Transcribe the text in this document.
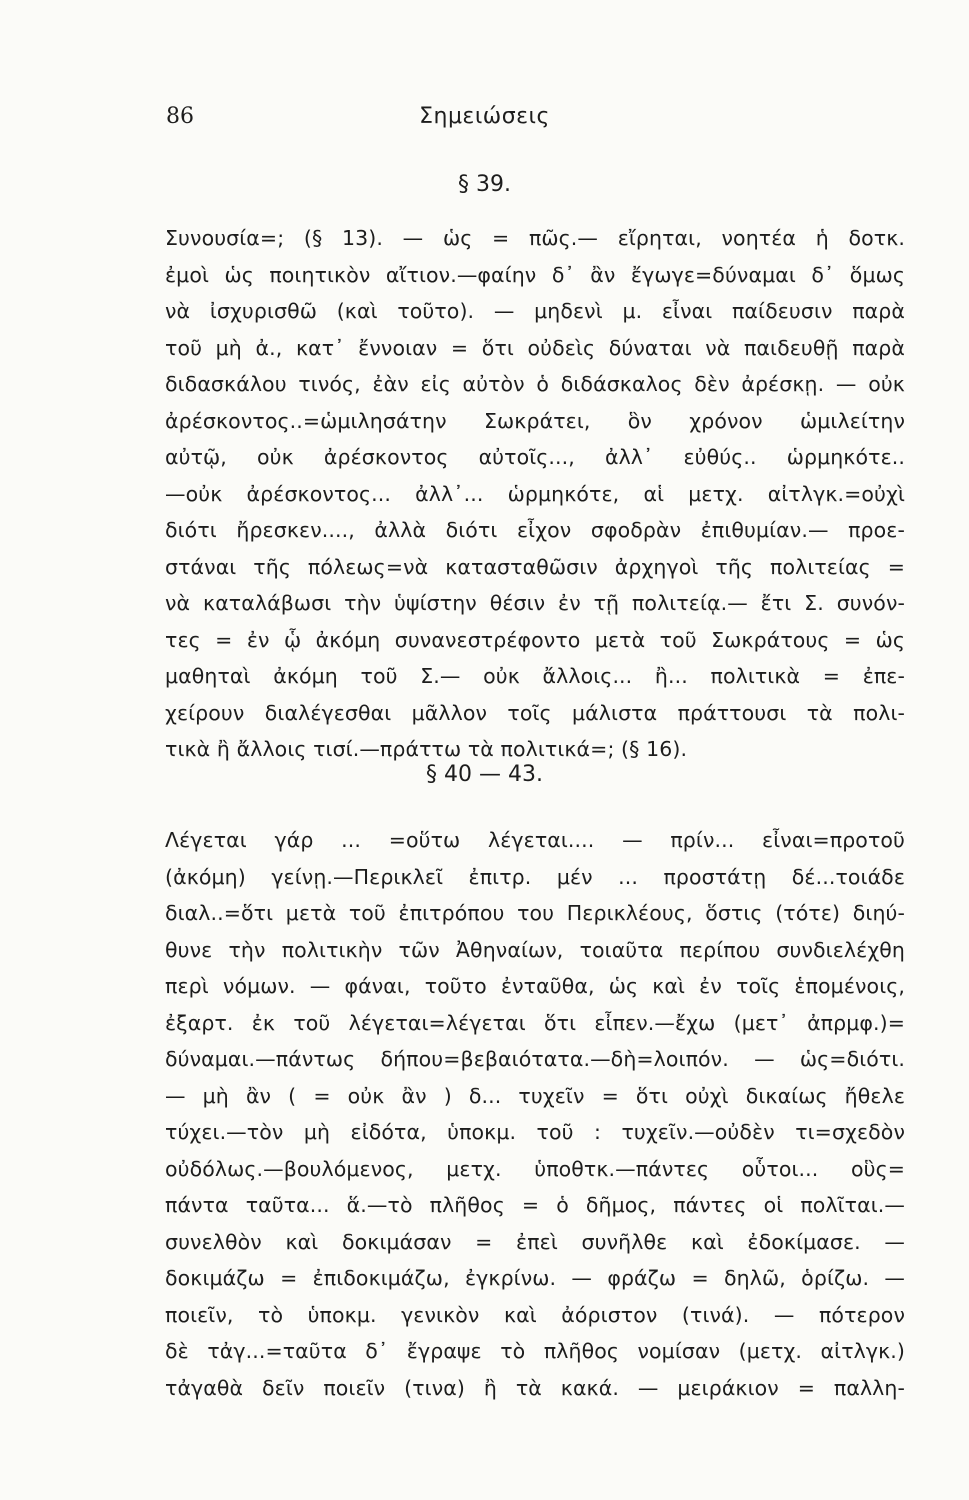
86	Σημειώσεις
§ 39.
Συνουσία=; (§ 13). — ὡς = πῶς.— εἴρηται, νοητέα ἡ δοτκ.
ἐμοὶ ὡς ποιητικὸν αἴτιον.—φαίην δ᾽ ἂν ἔγωγε=δύναμαι δ᾽ ὅμως
νὰ ἰσχυρισθῶ (καὶ τοῦτο). — μηδενὶ μ. εἶναι παίδευσιν παρὰ
τοῦ μὴ ἀ., κατ᾽ ἔννοιαν = ὅτι οὐδεὶς δύναται νὰ παιδευθῇ παρὰ
διδασκάλου τινός, ἐὰν εἰς αὐτὸν ὁ διδάσκαλος δὲν ἀρέσκῃ. — οὐκ
ἀρέσκοντος..=ὡμιλησάτην Σωκράτει, ὃν χρόνον ὡμιλείτην
αὐτῷ, οὐκ ἀρέσκοντος αὐτοῖς..., ἀλλ᾽ εὐθύς.. ὡρμηκότε..
—οὐκ ἀρέσκοντος... ἀλλ᾽... ὡρμηκότε, αἱ μετχ. αἰτλγκ.=οὐχὶ
διότι ἤρεσκεν...., ἀλλὰ διότι εἶχον σφοδρὰν ἐπιθυμίαν.— προε-
στάναι τῆς πόλεως=νὰ κατασταθῶσιν ἀρχηγοὶ τῆς πολιτείας =
νὰ καταλάβωσι τὴν ὑψίστην θέσιν ἐν τῇ πολιτείᾳ.— ἔτι Σ. συνόν-
τες = ἐν ᾧ ἀκόμη συνανεστρέφοντο μετὰ τοῦ Σωκράτους = ὡς
μαθηταὶ ἀκόμη τοῦ Σ.— οὐκ ἄλλοις... ἢ... πολιτικὰ = ἐπε-
χείρουν διαλέγεσθαι μᾶλλον τοῖς μάλιστα πράττουσι τὰ πολι-
τικὰ ἢ ἄλλοις τισί.—πράττω τὰ πολιτικά=; (§ 16).
§ 40 — 43.
Λέγεται γάρ ... =οὕτω λέγεται.... — πρίν... εἶναι=προτοῦ
(ἀκόμη) γείνῃ.—Περικλεῖ ἐπιτρ. μέν ... προστάτῃ δέ...τοιάδε
διαλ..=ὅτι μετὰ τοῦ ἐπιτρόπου του Περικλέους, ὅστις (τότε) διηύ-
θυνε τὴν πολιτικὴν τῶν Ἀθηναίων, τοιαῦτα περίπου συνδιελέχθη
περὶ νόμων. — φάναι, τοῦτο ἐνταῦθα, ὡς καὶ ἐν τοῖς ἑπομένοις,
ἐξαρτ. ἐκ τοῦ λέγεται=λέγεται ὅτι εἶπεν.—ἔχω (μετ᾽ ἀπρμφ.)=
δύναμαι.—πάντως δήπου=βεβαιότατα.—δὴ=λοιπόν. — ὡς=διότι.
— μὴ ἂν ( = οὐκ ἂν ) δ... τυχεῖν = ὅτι οὐχὶ δικαίως ἤθελε
τύχει.—τὸν μὴ εἰδότα, ὑποκμ. τοῦ : τυχεῖν.—οὐδὲν τι=σχεδὸν
οὐδόλως.—βουλόμενος, μετχ. ὑποθτκ.—πάντες οὗτοι... οὓς=
πάντα ταῦτα... ἅ.—τὸ πλῆθος = ὁ δῆμος, πάντες οἱ πολῖται.—
συνελθὸν καὶ δοκιμάσαν = ἐπεὶ συνῆλθε καὶ ἐδοκίμασε. —
δοκιμάζω = ἐπιδοκιμάζω, ἐγκρίνω. — φράζω = δηλῶ, ὁρίζω. —
ποιεῖν, τὸ ὑποκμ. γενικὸν καὶ ἀόριστον (τινά). — πότερον
δὲ τἀγ...=ταῦτα δ᾽ ἔγραψε τὸ πλῆθος νομίσαν (μετχ. αἰτλγκ.)
τἀγαθὰ δεῖν ποιεῖν (τινα) ἢ τὰ κακά. — μειράκιον = παλλη-
